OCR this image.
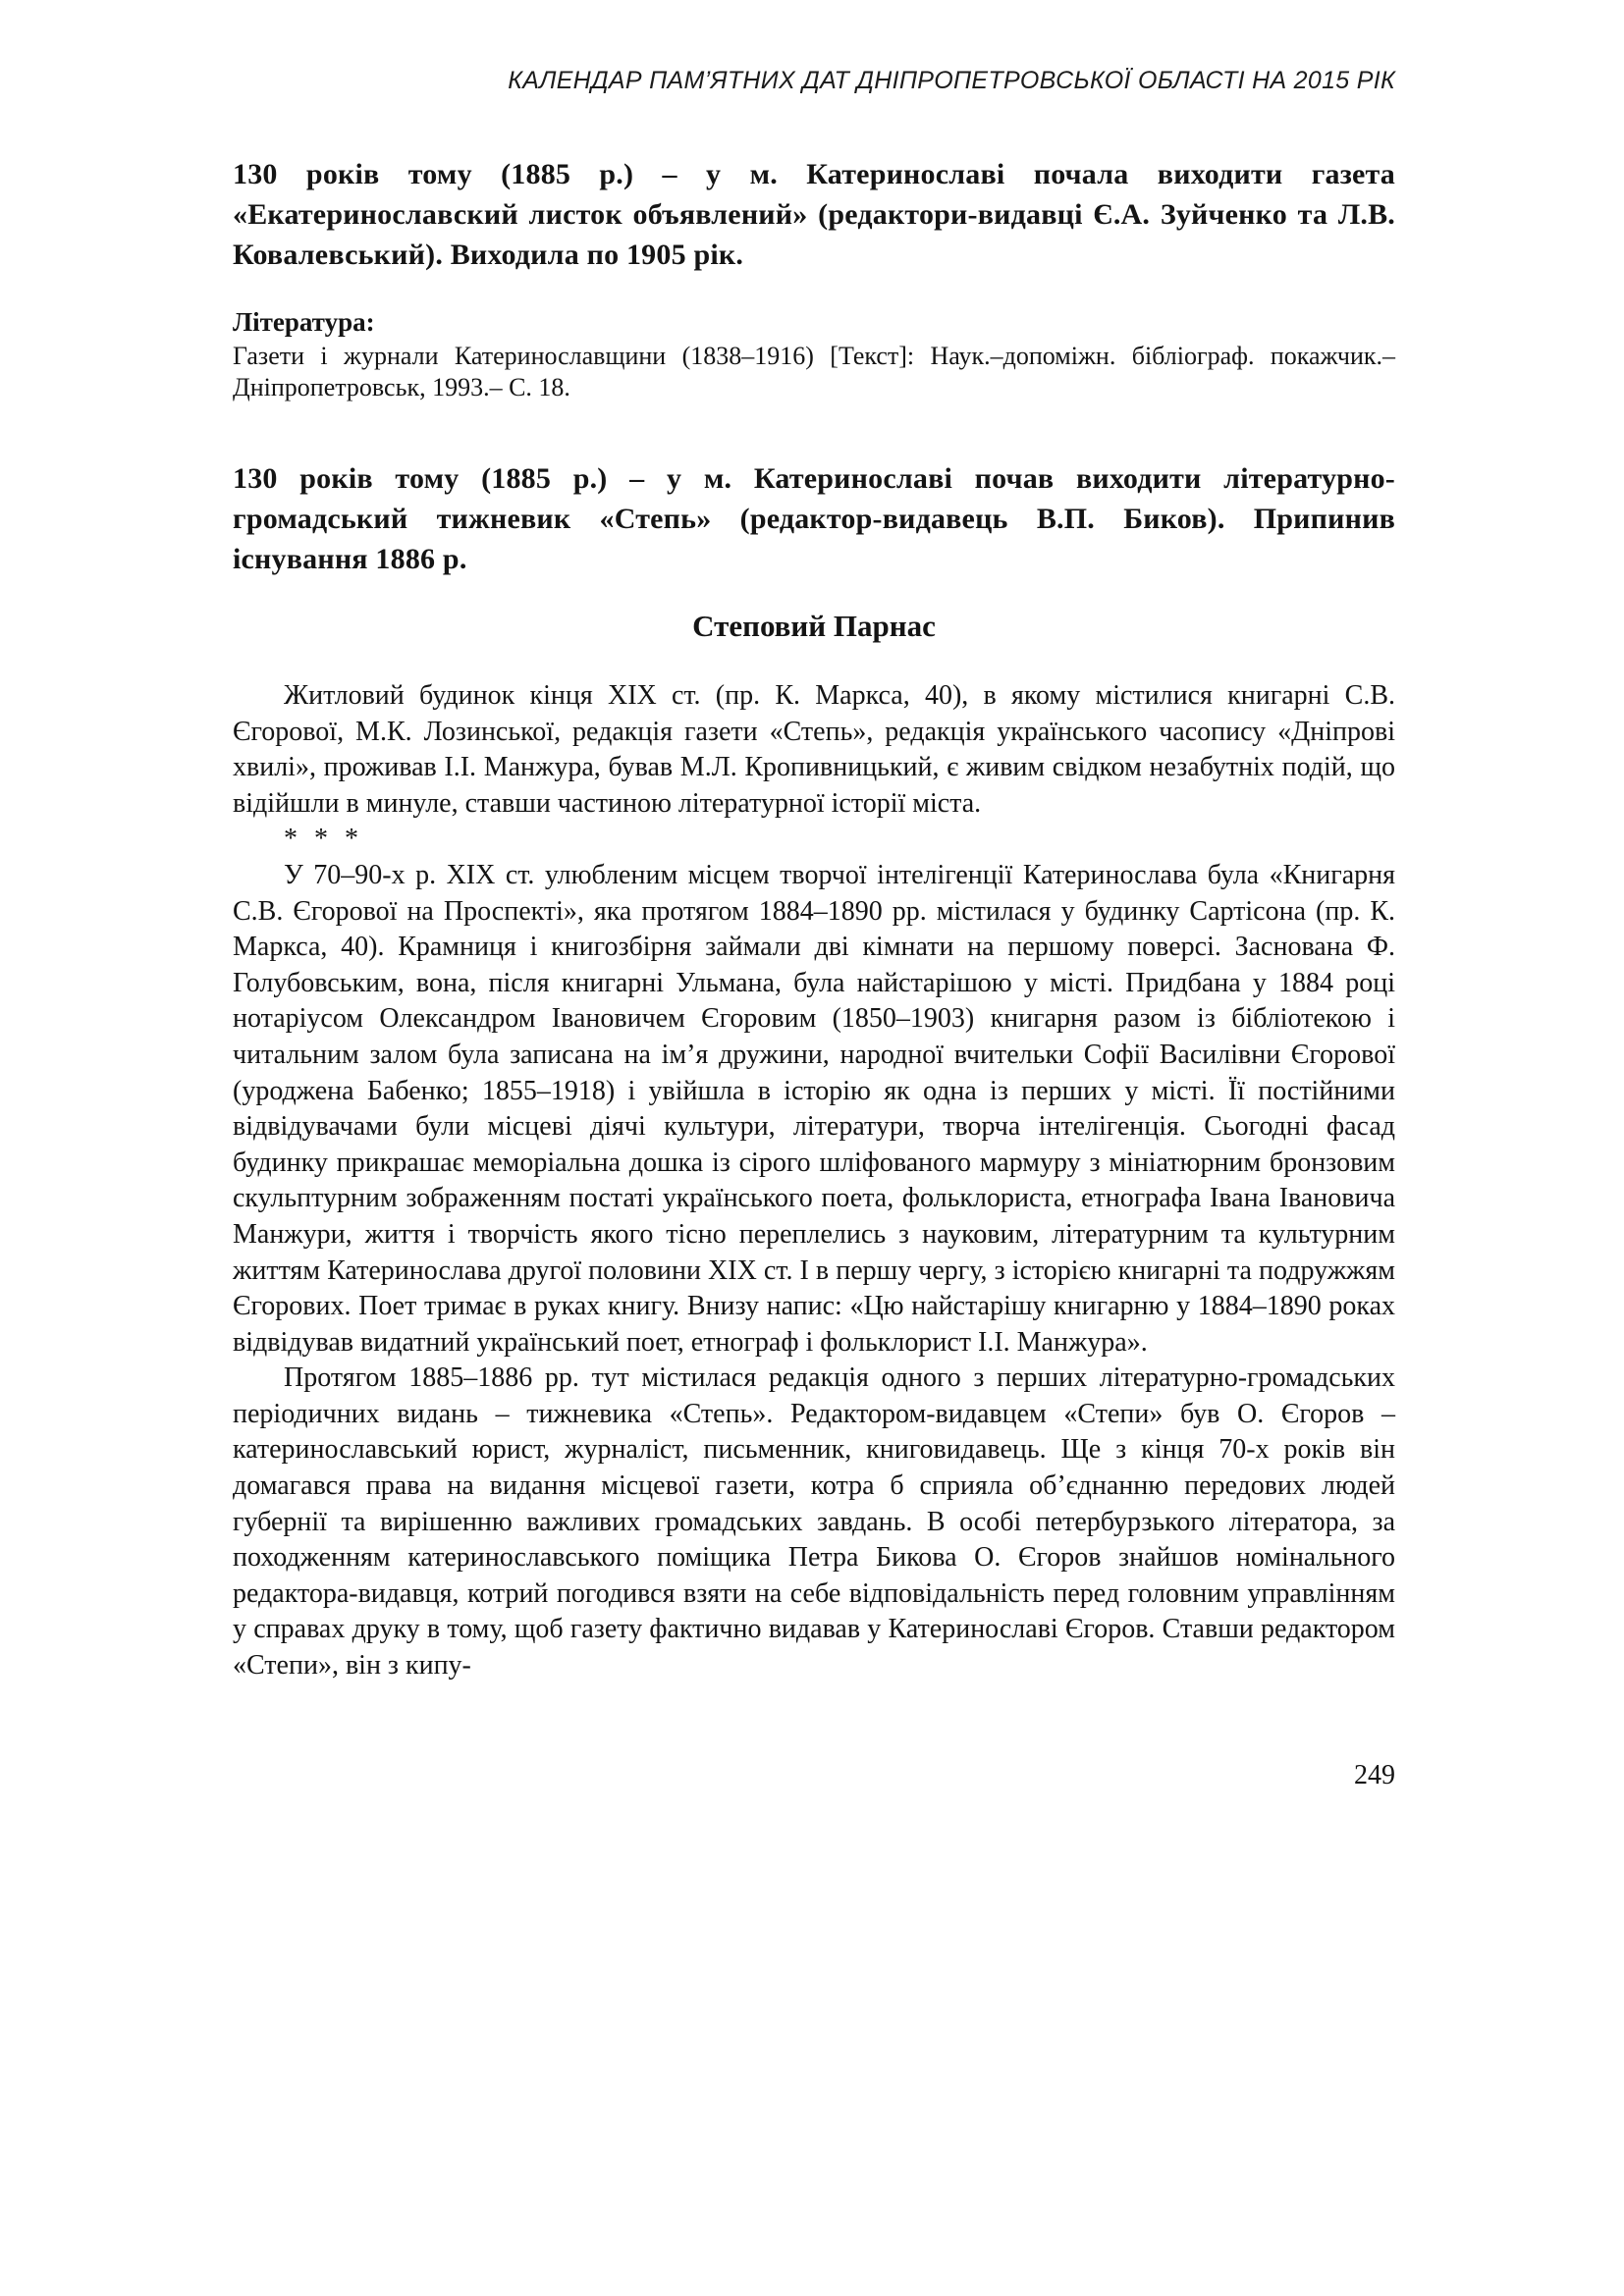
КАЛЕНДАР ПАМ’ЯТНИХ ДАТ ДНІПРОПЕТРОВСЬКОЇ ОБЛАСТІ НА 2015 РІК
130 років тому (1885 р.) – у м. Катеринославі почала виходити газета «Екатеринославский листок объявлений» (редактори-видавці Є.А. Зуйченко та Л.В. Ковалевський). Виходила по 1905 рік.
Література:
Газети і журнали Катеринославщини (1838–1916) [Текст]: Наук.–допоміжн. бібліограф. покажчик.– Дніпропетровськ, 1993.– С. 18.
130 років тому (1885 р.) – у м. Катеринославі почав виходити літературно-громадський тижневик «Степь» (редактор-видавець В.П. Биков). Припинив існування 1886 р.
Степовий Парнас

Житловий будинок кінця XIX ст. (пр. К. Маркса, 40), в якому містилися книгарні С.В. Єгорової, М.К. Лозинської, редакція газети «Степь», редакція українського часопису «Дніпрові хвилі», проживав І.І. Манжура, бував М.Л. Кропивницький, є живим свідком незабутніх подій, що відійшли в минуле, ставши частиною літературної історії міста.

* * *

У 70–90-х р. XIX ст. улюбленим місцем творчої інтелігенції Катеринослава була «Книгарня С.В. Єгорової на Проспекті», яка протягом 1884–1890 рр. містилася у будинку Сартісона (пр. К. Маркса, 40). Крамниця і книгозбірня займали дві кімнати на першому поверсі. Заснована Ф. Голубовським, вона, після книгарні Ульмана, була найстарішою у місті. Придбана у 1884 році нотаріусом Олександром Івановичем Єгоровим (1850–1903) книгарня разом із бібліотекою і читальним залом була записана на ім’я дружини, народної вчительки Софії Василівни Єгорової (уроджена Бабенко; 1855–1918) і увійшла в історію як одна із перших у місті. Її постійними відвідувачами були місцеві діячі культури, літератури, творча інтелігенція. Сьогодні фасад будинку прикрашає меморіальна дошка із сірого шліфованого мармуру з мініатюрним бронзовим скульптурним зображенням постаті українського поета, фольклориста, етнографа Івана Івановича Манжури, життя і творчість якого тісно переплелись з науковим, літературним та культурним життям Катеринослава другої половини XIX ст. І в першу чергу, з історією книгарні та подружжям Єгорових. Поет тримає в руках книгу. Внизу напис: «Цю найстарішу книгарню у 1884–1890 роках відвідував видатний український поет, етнограф і фольклорист І.І. Манжура».

Протягом 1885–1886 рр. тут містилася редакція одного з перших літературно-громадських періодичних видань – тижневика «Степь». Редактором-видавцем «Степи» був О. Єгоров – катеринославський юрист, журналіст, письменник, книговидавець. Ще з кінця 70-х років він домагався права на видання місцевої газети, котра б сприяла об’єднанню передових людей губернії та вирішенню важливих громадських завдань. В особі петербурзького літератора, за походженням катеринославського поміщика Петра Бикова О. Єгоров знайшов номінального редактора-видавця, котрий погодився взяти на себе відповідальність перед головним управлінням у справах друку в тому, щоб газету фактично видавав у Катеринославі Єгоров. Ставши редактором «Степи», він з кипу-

249
